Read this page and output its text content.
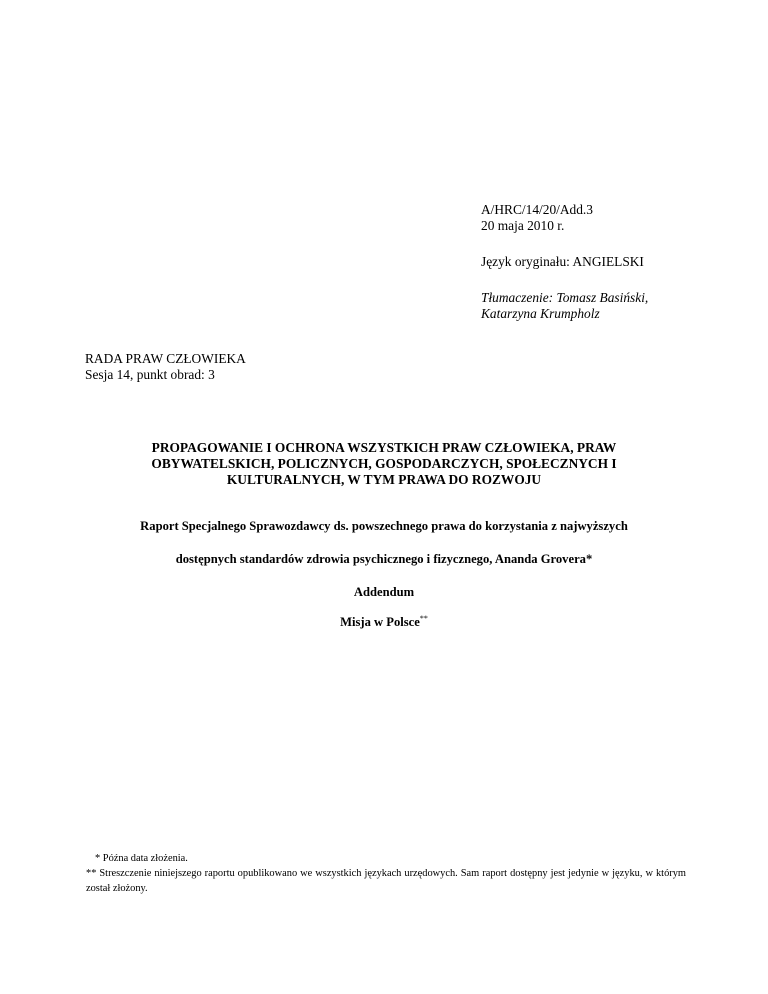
A/HRC/14/20/Add.3
20 maja 2010 r.
Język oryginału: ANGIELSKI
Tłumaczenie: Tomasz Basiński,
Katarzyna Krumpholz
RADA PRAW CZŁOWIEKA
Sesja 14, punkt obrad: 3
PROPAGOWANIE I OCHRONA WSZYSTKICH PRAW CZŁOWIEKA, PRAW
OBYWATELSKICH, POLICZNYCH, GOSPODARCZYCH, SPOŁECZNYCH I
KULTURALNYCH, W TYM PRAWA DO ROZWOJU
Raport Specjalnego Sprawozdawcy ds. powszechnego prawa do korzystania z najwyższych
dostępnych standardów zdrowia psychicznego i fizycznego, Ananda Grovera*
Addendum
Misja w Polsce**
* Późna data złożenia.
** Streszczenie niniejszego raportu opublikowano we wszystkich językach urzędowych. Sam raport dostępny jest jedynie w języku, w którym został złożony.
